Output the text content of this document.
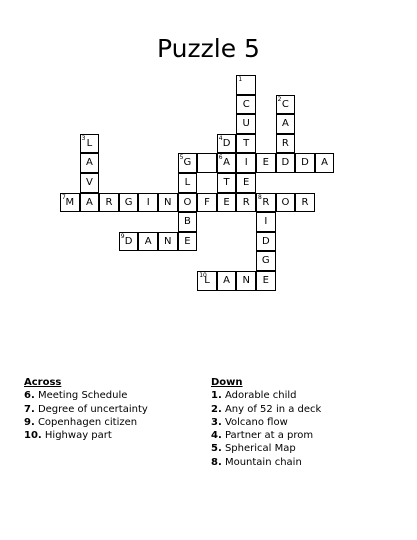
Puzzle 5
1
C
U
T
I
E
2 C
A
R
D
3 L
A
V
A
4 D
6 A
T
E
5 G
L
O
B
E
E	D	A
7 M	R	G	I	N	F	R	8 R	O	R
I
D
G
E
9 D	A	N
10
L	A	N
Across
6. Meeting Schedule
7. Degree of uncertainty
9. Copenhagen citizen
10. Highway part
Down
1. Adorable child
2. Any of 52 in a deck
3. Volcano flow
4. Partner at a prom
5. Spherical Map
8. Mountain chain
